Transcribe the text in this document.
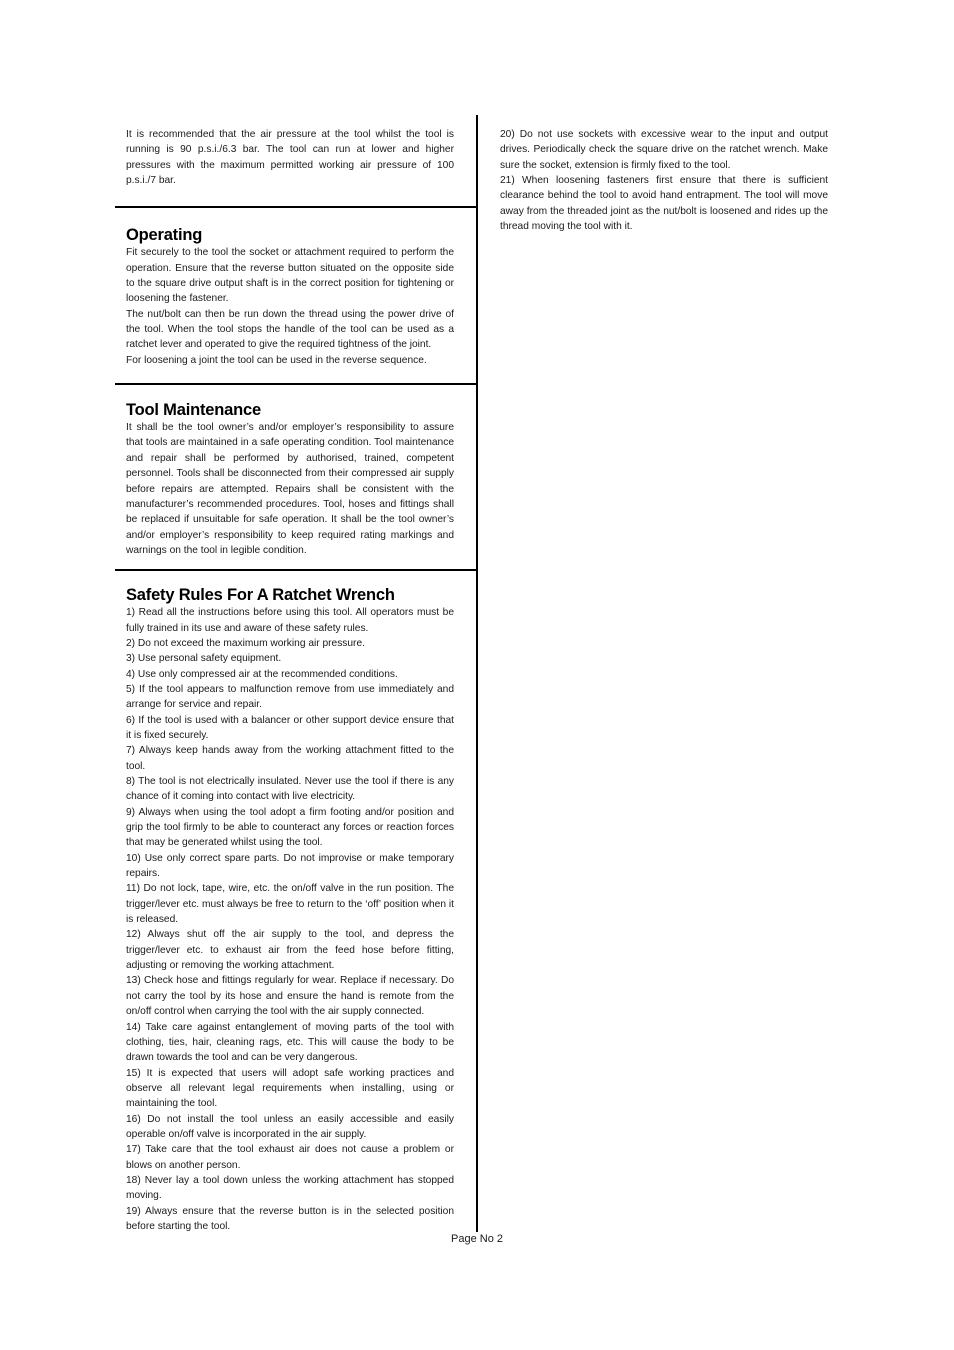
It is recommended that the air pressure at the tool whilst the tool is running is 90 p.s.i./6.3 bar. The tool can run at lower and higher pressures with the maximum permitted working air pressure of 100 p.s.i./7 bar.

Operating

Fit securely to the tool the socket or attachment required to perform the operation. Ensure that the reverse button situated on the opposite side to the square drive output shaft is in the correct position for tightening or loosening the fastener.

The nut/bolt can then be run down the thread using the power drive of the tool. When the tool stops the handle of the tool can be used as a ratchet lever and operated to give the required tightness of the joint.

For loosening a joint the tool can be used in the reverse sequence.

Tool Maintenance

It shall be the tool owner’s and/or employer’s responsibility to assure that tools are maintained in a safe operating condition. Tool maintenance and repair shall be performed by authorised, trained, competent personnel. Tools shall be disconnected from their compressed air supply before repairs are attempted. Repairs shall be consistent with the manufacturer’s recommended procedures. Tool, hoses and fittings shall be replaced if unsuitable for safe operation. It shall be the tool owner’s and/or employer’s responsibility to keep required rating markings and warnings on the tool in legible condition.

Safety Rules For A Ratchet Wrench

1) Read all the instructions before using this tool. All operators must be fully trained in its use and aware of these safety rules.

2) Do not exceed the maximum working air pressure.

3) Use personal safety equipment.

4) Use only compressed air at the recommended conditions.

5) If the tool appears to malfunction remove from use immediately and arrange for service and repair.

6) If the tool is used with a balancer or other support device ensure that it is fixed securely.

7) Always keep hands away from the working attachment fitted to the tool.

8) The tool is not electrically insulated. Never use the tool if there is any chance of it coming into contact with live electricity.

9) Always when using the tool adopt a firm footing and/or position and grip the tool firmly to be able to counteract any forces or reaction forces that may be generated whilst using the tool.

10) Use only correct spare parts. Do not improvise or make temporary repairs.

11) Do not lock, tape, wire, etc. the on/off valve in the run position. The trigger/lever etc. must always be free to return to the ‘off’ position when it is released.

12) Always shut off the air supply to the tool, and depress the trigger/lever etc. to exhaust air from the feed hose before fitting, adjusting or removing the working attachment.

13) Check hose and fittings regularly for wear. Replace if necessary. Do not carry the tool by its hose and ensure the hand is remote from the on/off control when carrying the tool with the air supply connected.

14) Take care against entanglement of moving parts of the tool with clothing, ties, hair, cleaning rags, etc. This will cause the body to be drawn towards the tool and can be very dangerous.

15) It is expected that users will adopt safe working practices and observe all relevant legal requirements when installing, using or maintaining the tool.

16) Do not install the tool unless an easily accessible and easily operable on/off valve is incorporated in the air supply.

17) Take care that the tool exhaust air does not cause a problem or blows on another person.

18) Never lay a tool down unless the working attachment has stopped moving.

19) Always ensure that the reverse button is in the selected position before starting the tool.

20) Do not use sockets with excessive wear to the input and output drives. Periodically check the square drive on the ratchet wrench. Make sure the socket, extension is firmly fixed to the tool.

21) When loosening fasteners first ensure that there is sufficient clearance behind the tool to avoid hand entrapment. The tool will move away from the threaded joint as the nut/bolt is loosened and rides up the thread moving the tool with it.

Page No 2
